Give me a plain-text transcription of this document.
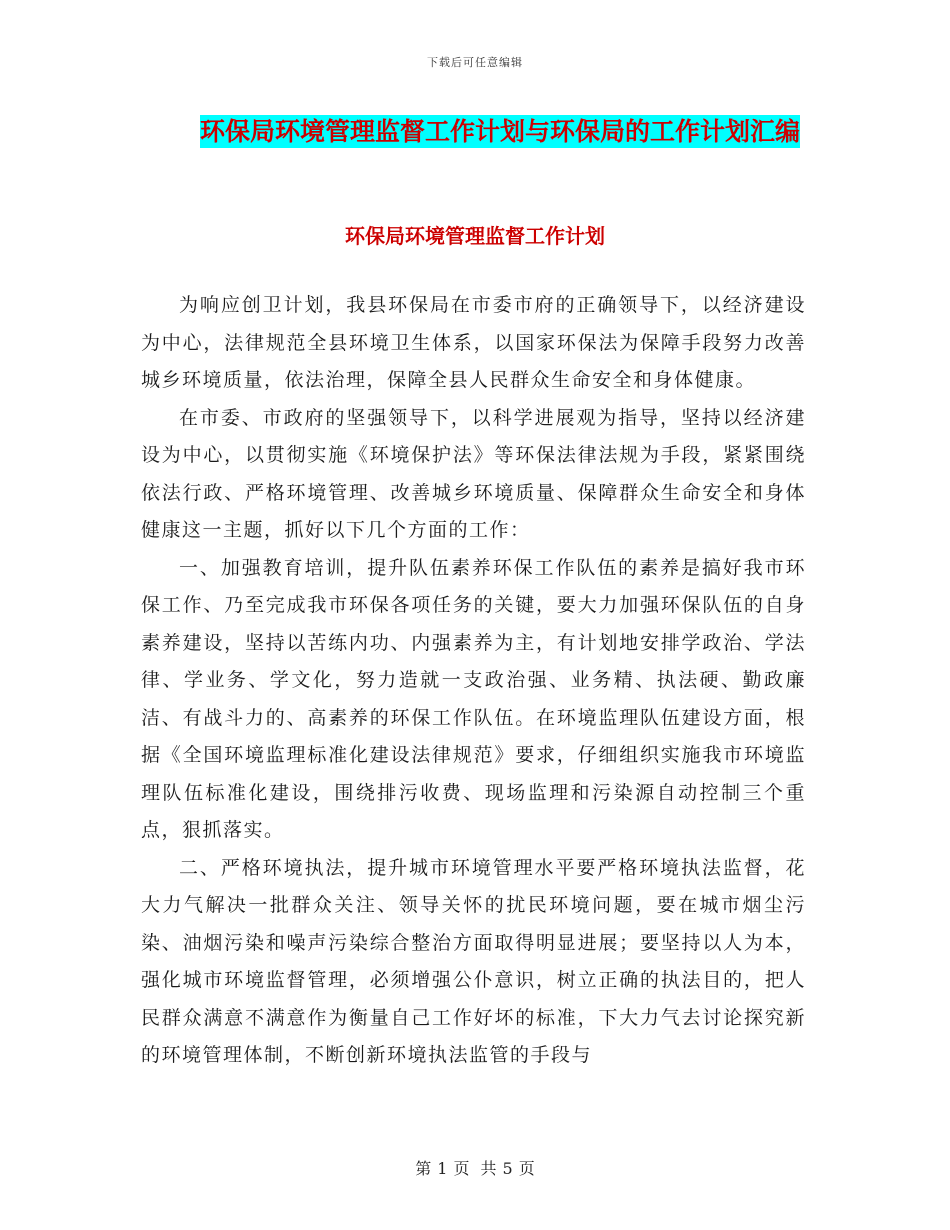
下载后可任意编辑
环保局环境管理监督工作计划与环保局的工作计划汇编
环保局环境管理监督工作计划

为响应创卫计划，我县环保局在市委市府的正确领导下，以经济建设为中心，法律规范全县环境卫生体系，以国家环保法为保障手段努力改善城乡环境质量，依法治理，保障全县人民群众生命安全和身体健康。

在市委、市政府的坚强领导下，以科学进展观为指导，坚持以经济建设为中心，以贯彻实施《环境保护法》等环保法律法规为手段，紧紧围绕依法行政、严格环境管理、改善城乡环境质量、保障群众生命安全和身体健康这一主题，抓好以下几个方面的工作：

一、加强教育培训，提升队伍素养环保工作队伍的素养是搞好我市环保工作、乃至完成我市环保各项任务的关键，要大力加强环保队伍的自身素养建设，坚持以苦练内功、内强素养为主，有计划地安排学政治、学法律、学业务、学文化，努力造就一支政治强、业务精、执法硬、勤政廉洁、有战斗力的、高素养的环保工作队伍。在环境监理队伍建设方面，根据《全国环境监理标准化建设法律规范》要求，仔细组织实施我市环境监理队伍标准化建设，围绕排污收费、现场监理和污染源自动控制三个重点，狠抓落实。

二、严格环境执法，提升城市环境管理水平要严格环境执法监督，花大力气解决一批群众关注、领导关怀的扰民环境问题，要在城市烟尘污染、油烟污染和噪声污染综合整治方面取得明显进展；要坚持以人为本，强化城市环境监督管理，必须增强公仆意识，树立正确的执法目的，把人民群众满意不满意作为衡量自己工作好坏的标准，下大力气去讨论探究新的环境管理体制，不断创新环境执法监管的手段与

第 1 页 共 5 页
